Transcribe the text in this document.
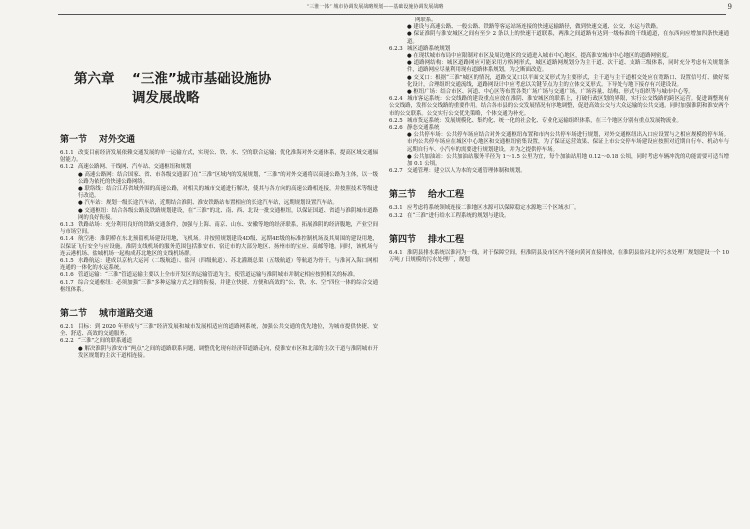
“三淮一体” 城市协调发展战略规划——基础设施协调发展战略	9
第六章	“三淮”城市基础设施协调发展战略
第一节 对外交通

6.1.1 改变目前经济发展依赖交通发展的单一运输方式，实现公、铁、水、空的联合运输；优化淮海对外交通体系，提高区域交通辐射能力。

6.1.2 高速公路网、干线网、汽车站、交通枢纽和规划

● 高速公路网：结合国家、省、市各级交通部门在“三淮”区域内的发展规划，“三淮”的对外交通将以高速公路为主体，以一级公路为依托的快速公路网络。

● 联络线：结合江苏省域外围的高速公路，对相关的城市交通进行解决，使其与各方向的高速公路相连接，并按照技术等级进行改造。

● 汽车站：规划一级长途汽车站，近期结合淮阴、淮安铁路站布置相应的长途汽车站，远期规划设置汽车站。

● 交通枢纽：结合各级公路及铁路规划建设，在“三淮”的北、南、西、北设一批交通枢纽，以保证国道、省道与淮阴城市道路网的良好衔接。

6.1.3 铁路站场：充分利用良好的铁路交通条件，加强与上海、南京、山东、安徽等地的经济联系，拓展淮阴的经济腹地，产业空间与市场空间。

6.1.4 航空港：淮阴桥在东北预留机场建设用地，飞机场。并按照规划建设4D级、远期4E级的标准控制机场及其周围的建设用地，以保证飞行安全与应设施。淮阴支线机场的服务范围包括淮安市、宿迁市的大部分地区、扬州市的宝应、高邮等地。同时，该机场与连云港机场、盐城机场一起构成苏北地区的支线机场群。

6.1.5 水路航运：建成以京杭大运河（二级航道）、盐河（四级航道）、苏北灌溉总渠（五级航道）等航道为骨干，与淮河入海口网相连通的一体化的水运系统。

6.1.6 管道运输：“三淮”管道运输主要以上全市开发区的运输管道为主，使管道运输与淮阴城市并制定相应按照相关的标准。

6.1.7 综合交通枢纽：必须加强“三淮”多种运输方式之间的衔接，并建立快捷、方便和高效的“公、铁、水、空”四位一体的综合交通枢纽体系。

第二节 城市道路交通

6.2.1 目标：到 2020 年形成与“三淮”经济发展和城市发展相适应的道路网系统，加强公共交通的优先地位，为城市提供快捷、安全、舒适、高效的交通服务。

6.2.2 “三淮”之间的联系通道

● 解决淮阴与淮安市“两点”之间的道路联系问题，调整优化现有经济带道路走向，使淮安市区和北部的主次干道与淮阴城市开发区规划的主次干道相连接。

网联系。

● 建设与高速公路、一般公路、铁路等客运站场连接的快速运输路径，做到快速交通、公交、水运与铁路。

● 保证淮阴与淮安城区之间有至少 2 条以上的快速干道联系，两淮之间道路有达到一级标准的干线通道，在东西向应增加四条快速通道。

6.2.3 城区道路系统规划

● 在现状城市布局中应限制对市区及周边地区的交通进入城市中心地区，提高淮安城市中心地区的道路网密度。

● 道路网结构：城区道路网应可能采用方格网形式，城区道路网规划分为主干道、次干道、支路三级体系，同时充分考虑有关规划条件，道路网应尽量利用现有道路体系规划，为之断面改造。

● 交叉口：根据“三淮”城区的情况，道路交叉口以平面交叉形式为主要形式，主干道与主干道相交处应在宽路口、设置信号灯、做好渠化设计，合理组织交通流线，道路网设计中应考虑以关键节点为主的立体交叉形式。下导处与地下接存有兴建设设。

● 枢纽广场：结合市区、河道、中心区等布置各类广场广场与交通广场，广场容量、结构、形式与组织等与城市中心等。

6.2.4 城市客运系统：公交线路的建设重点应放在淮阴、淮安城区的联系上，打破行政区划的界限，实行公交线路的跨区运营。促进调整现有公交线路，发挥公交线路的重要作用。结合各市县的公交发展情况有序地调整，促进高效公交与大众运输的公共交通。同时加强淮阴和淮安两个市的公交联系。公交实行公交优先策略，个体交通为补充。

6.2.5 城市货运系统：发展规模化、集约化、统一化的社会化、专业化运输组织体系，在三个地区分别有重点发展物流业。

6.2.6 静态交通系统

● 公共停车场：公共停车场应结合对外交通枢纽布置和市内公共停车场进行规划，对外交通枢纽出入口应设置与之相应规模的停车场。市内公共停车场应在城区中心地区和交通枢纽密集设置，为了保证运营效果、保证上市公交停车场建设应按照对近期自行车、机动车与远期自行车、小汽车的需要进行规划建设，并为之提供停车场。

● 公共加油站：公共加油站服务半径为 1～1.5 公里为宜，每个加油站用地 0.12～0.18 公顷，同时考虑车辆冲洗的功能需要可适当增加 0.1 公顷。

6.2.7 交通管理：建立以人为本的交通管理体制和规划。

第三节 给水工程

6.3.1 应考虑将系统领域连接二淮地区水源可以保障稳定水源地三个区域水厂。

6.3.2 在“三淮”进行给水工程系统的规划与建设。

第四节 排水工程

6.4.1 淮阴县排水系统以淮河为一线，对于保障空间，但淮阴县及市区内不能向黄河直接排放，在淮阴县盐河北岸污水处理厂规划建设一个 10 万吨 / 日规模的污水处理厂，规划
